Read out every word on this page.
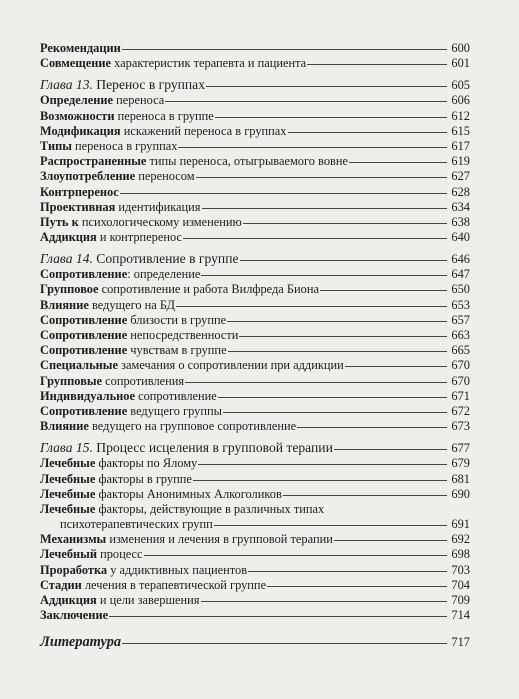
Рекомендации	600
Совмещение характеристик терапевта и пациента	601
Глава 13. Перенос в группах	605
Определение переноса	606
Возможности переноса в группе	612
Модификация искажений переноса в группах	615
Типы переноса в группах	617
Распространенные типы переноса, отыгрываемого вовне	619
Злоупотребление переносом	627
Контрперенос	628
Проективная идентификация	634
Путь к психологическому изменению	638
Аддикция и контрперенос	640
Глава 14. Сопротивление в группе	646
Сопротивление: определение	647
Групповое сопротивление и работа Вилфреда Биона	650
Влияние ведущего на БД	653
Сопротивление близости в группе	657
Сопротивление непосредственности	663
Сопротивление чувствам в группе	665
Специальные замечания о сопротивлении при аддикции	670
Групповые сопротивления	670
Индивидуальное сопротивление	671
Сопротивление ведущего группы	672
Влияние ведущего на групповое сопротивление	673
Глава 15. Процесс исцеления в групповой терапии	677
Лечебные факторы по Ялому	679
Лечебные факторы в группе	681
Лечебные факторы Анонимных Алкоголиков	690
Лечебные факторы, действующие в различных типах
психотерапевтических групп	691
Механизмы изменения и лечения в групповой терапии	692
Лечебный процесс	698
Проработка у аддиктивных пациентов	703
Стадии лечения в терапевтической группе	704
Аддикция и цели завершения	709
Заключение	714
Литература	717
